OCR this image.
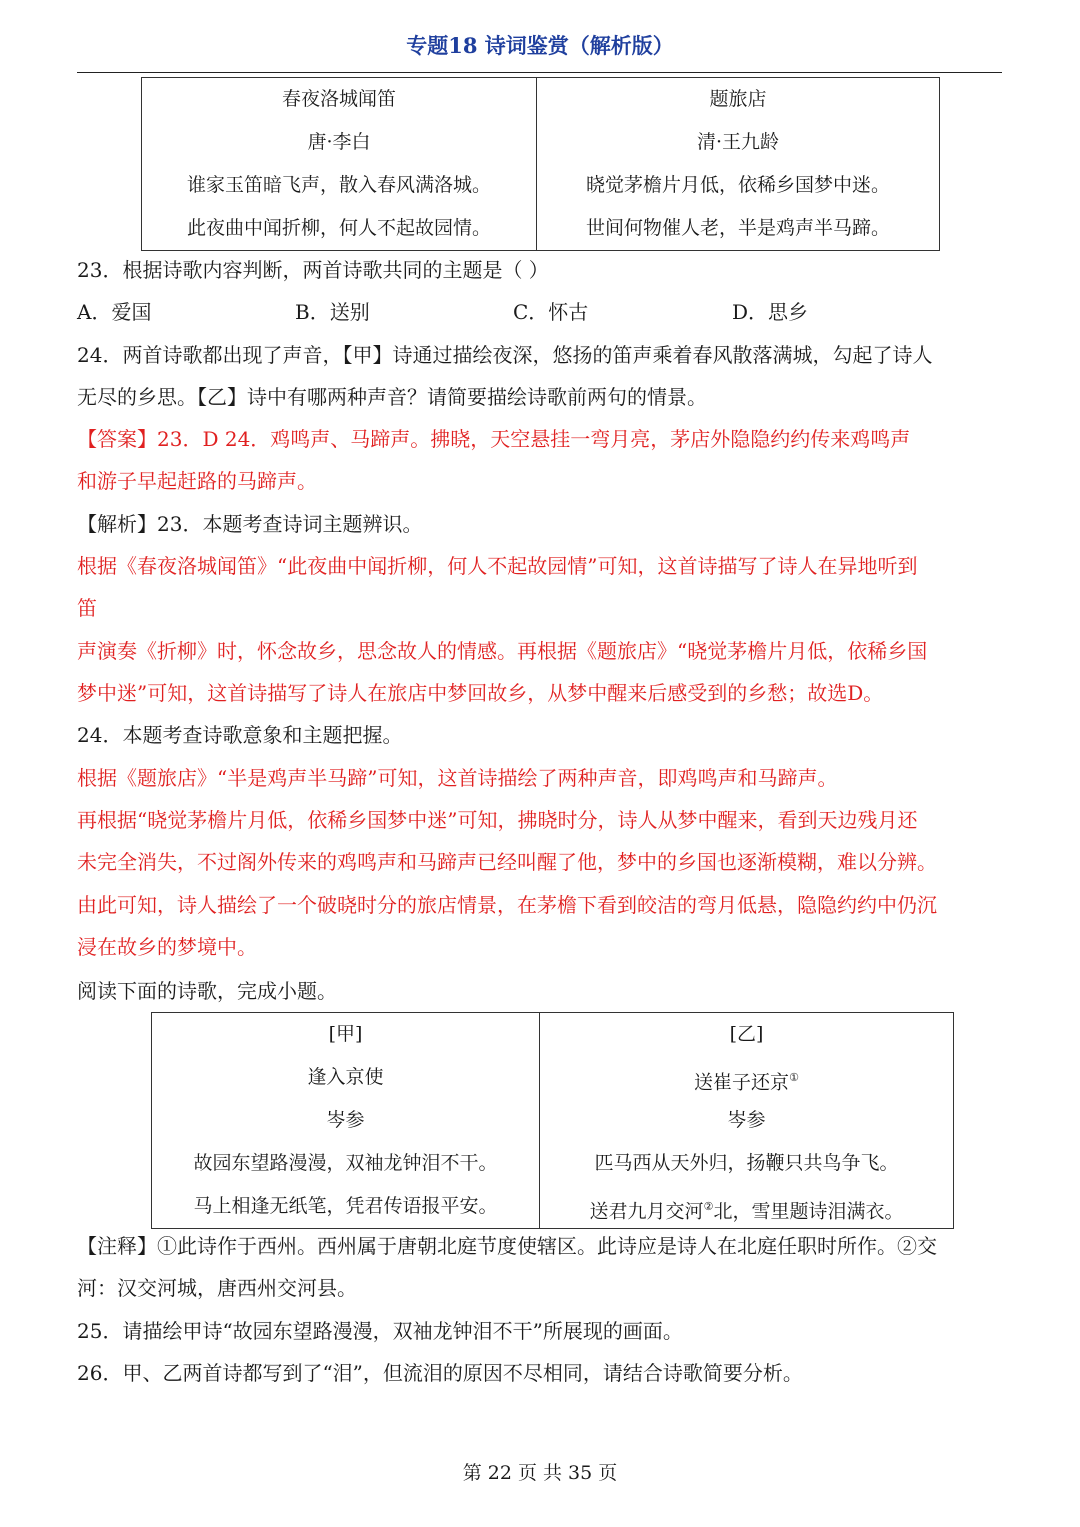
专题18 诗词鉴赏（解析版）
春夜洛城闻笛
唐·李白
谁家玉笛暗飞声，散入春风满洛城。
此夜曲中闻折柳，何人不起故园情。

题旅店
清·王九龄
晓觉茅檐片月低，依稀乡国梦中迷。
世间何物催人老，半是鸡声半马蹄。
23．根据诗歌内容判断，两首诗歌共同的主题是（ ）
A．爱国	B．送别	C．怀古	D．思乡
24．两首诗歌都出现了声音，【甲】诗通过描绘夜深，悠扬的笛声乘着春风散落满城，勾起了诗人
无尽的乡思。【乙】诗中有哪两种声音？请简要描绘诗歌前两句的情景。
【答案】23．D 24．鸡鸣声、马蹄声。拂晓，天空悬挂一弯月亮，茅店外隐隐约约传来鸡鸣声
和游子早起赶路的马蹄声。
【解析】23．本题考查诗词主题辨识。
根据《春夜洛城闻笛》“此夜曲中闻折柳，何人不起故园情”可知，这首诗描写了诗人在异地听到
笛
声演奏《折柳》时，怀念故乡，思念故人的情感。再根据《题旅店》“晓觉茅檐片月低，依稀乡国
梦中迷”可知，这首诗描写了诗人在旅店中梦回故乡，从梦中醒来后感受到的乡愁；故选D。
24．本题考查诗歌意象和主题把握。
根据《题旅店》“半是鸡声半马蹄”可知，这首诗描绘了两种声音，即鸡鸣声和马蹄声。
再根据“晓觉茅檐片月低，依稀乡国梦中迷”可知，拂晓时分，诗人从梦中醒来，看到天边残月还
未完全消失，不过阁外传来的鸡鸣声和马蹄声已经叫醒了他，梦中的乡国也逐渐模糊，难以分辨。
由此可知，诗人描绘了一个破晓时分的旅店情景，在茅檐下看到皎洁的弯月低悬，隐隐约约中仍沉
浸在故乡的梦境中。
阅读下面的诗歌，完成小题。
[甲]
逢入京使
岑参
故园东望路漫漫，双袖龙钟泪不干。
马上相逢无纸笔，凭君传语报平安。

[乙]
送崔子还京①
岑参
匹马西从天外归，扬鞭只共鸟争飞。
送君九月交河②北，雪里题诗泪满衣。
【注释】①此诗作于西州。西州属于唐朝北庭节度使辖区。此诗应是诗人在北庭任职时所作。②交
河：汉交河城，唐西州交河县。
25．请描绘甲诗“故园东望路漫漫，双袖龙钟泪不干”所展现的画面。
26．甲、乙两首诗都写到了“泪”，但流泪的原因不尽相同，请结合诗歌简要分析。
第 22 页 共 35 页
